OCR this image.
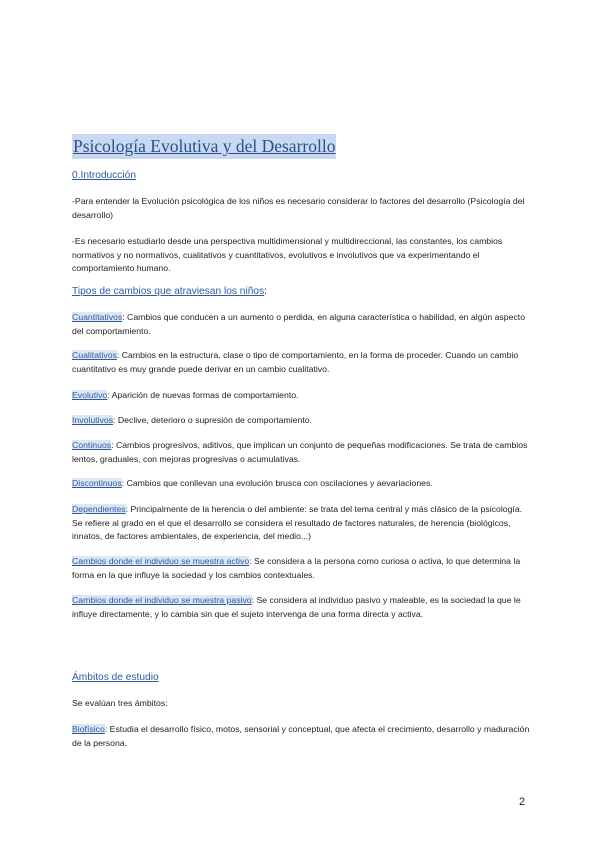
Psicología Evolutiva y del Desarrollo
0.Introducción
-Para entender la Evolución psicológica de los niños es necesario considerar lo factores del desarrollo (Psicología del desarrollo)
-Es necesario estudiarlo desde una perspectiva multidimensional y multidireccional, las constantes, los cambios normativos y no normativos, cualitativos y cuantitativos, evolutivos e involutivos que va experimentando el comportamiento humano.
Tipos de cambios que atraviesan los niños:
Cuantitativos: Cambios que conducen a un aumento o perdida, en alguna característica o habilidad, en algún aspecto del comportamiento.
Cualitativos: Cambios en la estructura, clase o tipo de comportamiento, en la forma de proceder. Cuando un cambio cuantitativo es muy grande puede derivar en un cambio cualitativo.
Evolutivo: Aparición de nuevas formas de comportamiento.
Involutivos: Declive, deterioro o supresión de comportamiento.
Continuos: Cambios progresivos, aditivos, que implican un conjunto de pequeñas modificaciones. Se trata de cambios lentos, graduales, con mejoras progresivas o acumulativas.
Discontinuos: Cambios que conllevan una evolución brusca con oscilaciones y aevariaciones.
Dependientes: Principalmente de la herencia o del ambiente: se trata del tema central y más clásico de la psicología. Se refiere al grado en el que el desarrollo se considera el resultado de factores naturales, de herencia (biológicos, innatos, de factores ambientales, de experiencia, del medio...)
Cambios donde el individuo se muestra activo: Se considera a la persona como curiosa o activa, lo que determina la forma en la que influye la sociedad y los cambios contextuales.
Cambios donde el individuo se muestra pasivo: Se considera al individuo pasivo y maleable, es la sociedad la que le influye directamente, y lo cambia sin que el sujeto intervenga de una forma directa y activa.
Ámbitos de estudio
Se evalúan tres ámbitos:
Biofísico: Estudia el desarrollo físico, motos, sensorial y conceptual, que afecta el crecimiento, desarrollo y maduración de la persona.
2
